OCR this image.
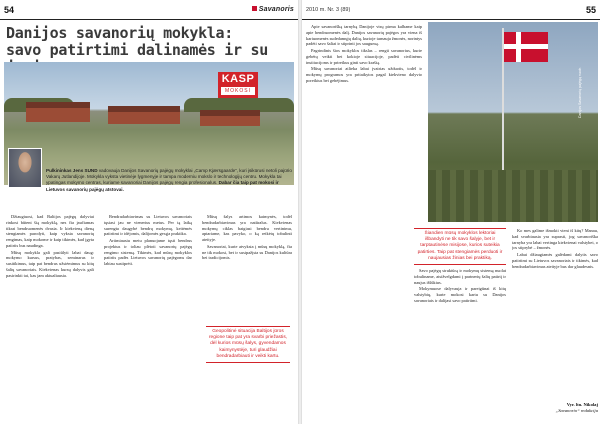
54	Savanoris
Danijos savanorių mokykla:
savo patirtimi dalinamės ir su
KASP
MOKOSI
Pulkininkas Jens SUND vadovauja Danijos Savanorių pajėgų mokyklai „Camp Kjærsgaarde“, kuri įsikūrusi netoli pajūrio Vakarų Jutlandijoje. Mokykla vyksta vietinėje lygmenyje ir tampa moderniu mokslo ir technologijų centru. Mokykla tai ypatingas mokymo centras, kuriame savanoriai Danijos pajėgų rengia profesionalus. Dabar čia taip pat mokosi ir Lietuvos savanorių pajėgų atstovai.

Džiaugiuosi, kad Baltijos pajėgų dalyviai rinkosi būtent šią mokyklą, nes čia jaučiamas tikrai bendruomenės dvasia. Ir kiekvieną dieną stengiamės parodyti, kaip vyksta savanorių rengimas, kaip mokome ir kaip tikimės, kad įgyta patirtis bus naudinga.

Mūsų mokykla gali pasiūlyti labai daug: mokymo kursus, pratybas, seminarus ir susitikimus, taip pat bendrus užsiėmimus su kitų šalių savanoriais. Kiekvienas kursų dalyvis gali pasirinkti tai, kas jam aktualiausia.

Bendradarbiavimas su Lietuvos savanoriais tęsiasi jau ne vienerius metus. Per tą laiką surengta daugybė bendrų mokymų, keitėmės patirtimi ir idėjomis, dalijomės gerąja praktika.

Artimiausiu metu planuojame tęsti bendrus projektus ir toliau plėtoti savanorių pajėgų rengimo sistemą. Tikimės, kad mūsų mokyklos patirtis padės Lietuvos savanorių pajėgoms dar labiau sustiprėti.

Mūsų šalys artimos kaimynės, todėl bendradarbiavimas yra natūralus. Kiekvienas mokymų ciklas baigiasi bendru vertinimu, aptariame, kas pavyko, o ką reikėtų tobulinti ateityje.

Savanoriai, kurie atvyksta į mūsų mokyklą, čia ne tik mokosi, bet ir susipažįsta su Danijos kultūra bei tradicijomis.

Geopolitinė situacija Baltijos jūros regione taip pat yra svarbi priežastis, dėl kurios mūsų šalys, gyvendamos kaimynystėje, turi glaudžiai bendradarbiauti ir veikti kartu.
2010 m. Nr. 3 (89)	55

Apie savanorišką tarnybą Danijoje visų pirma kalbame kaip apie bendruomenės dalį. Danijos savanorių pajėgos yra viena iš kariuomenės sudedamųjų dalių, kurioje tarnauja žmonės, norintys padėti savo šaliai ir stiprinti jos saugumą.

Pagrindinis šios mokyklos tikslas – rengti savanorius, kurie gebėtų veikti bet kokioje situacijoje, padėti civilinėms institucijoms ir prireikus ginti savo kraštą.

Mūsų savanoriai atlieka labai įvairias užduotis, todėl ir mokymų programos yra pritaikytos pagal kiekvieno dalyvio poreikius bei gebėjimus.	Danijos Savanorių pajėgų nuotr.
Šiandien mūsų mokyklos lektoriai išbandyti ne tik savo šalyje, bet ir tarptautinėse misijose, kurios suteikia patirties. Taip pat stengiamės perduoti ir naujausias žinias bei praktiką.

Savo pajėgų struktūrą ir mokymų sistemą nuolat tobuliname, atsižvelgdami į partnerių šalių patirtį ir naujus iššūkius.

Mokymuose dalyvauja ir pareigūnai iš kitų valstybių, kurie mokosi kartu su Danijos savanoriais ir dalijasi savo patirtimi.

Ko mes galime išmokti vieni iš kitų? Manau, kad svarbiausia yra suprasti, jog savanoriška tarnyba yra labai vertinga kiekvienai valstybei, o jos stiprybė – žmonės.

Labai džiaugiamės galėdami dalytis savo patirtimi su Lietuvos savanoriais ir tikimės, kad bendradarbiavimas ateityje bus dar glaudesnis.

Vyr. ltn. Nikolaj
„Savanorio“ redakcija
